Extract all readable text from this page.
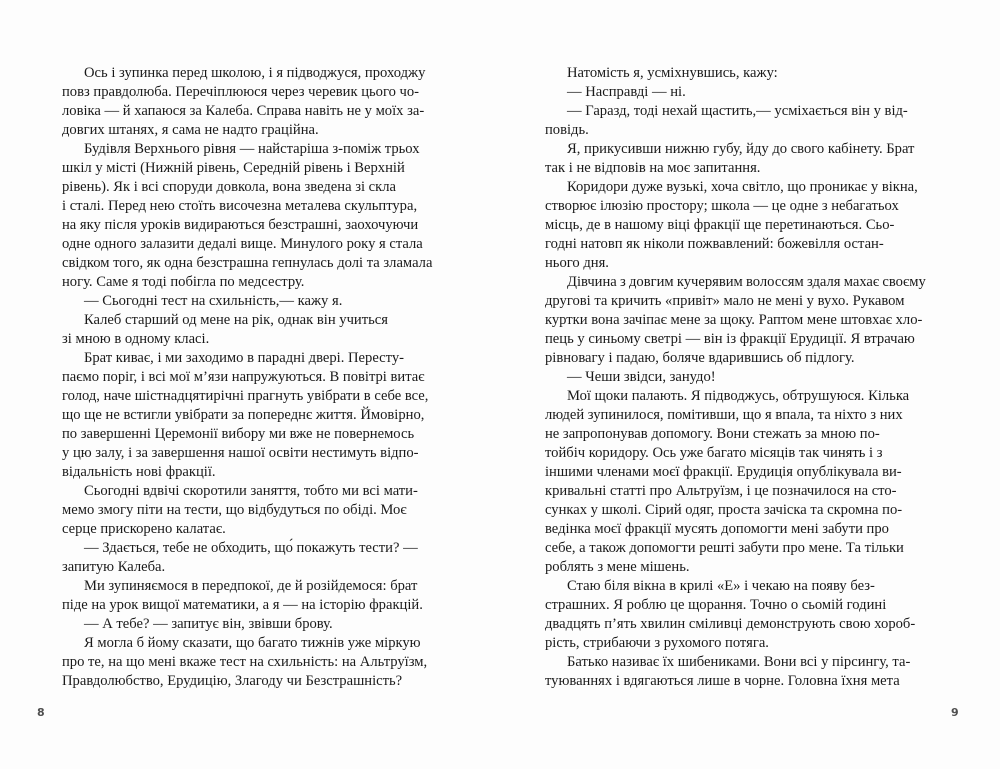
Ось і зупинка перед школою, і я підводжуся, проходжу
повз правдолюба. Перечіплююся через черевик цього чо-
ловіка — й хапаюся за Калеба. Справа навіть не у моїх за-
довгих штанях, я сама не надто граційна.
Будівля Верхнього рівня — найстаріша з-поміж трьох
шкіл у місті (Нижній рівень, Середній рівень і Верхній
рівень). Як і всі споруди довкола, вона зведена зі скла
і сталі. Перед нею стоїть височезна металева скульптура,
на яку після уроків видираються безстрашні, заохочуючи
одне одного залазити дедалі вище. Минулого року я стала
свідком того, як одна безстрашна гепнулась долі та зламала
ногу. Саме я тоді побігла по медсестру.
— Сьогодні тест на схильність,— кажу я.
Калеб старший од мене на рік, однак він учиться
зі мною в одному класі.
Брат киває, і ми заходимо в парадні двері. Пересту-
паємо поріг, і всі мої м’язи напружуються. В повітрі витає
голод, наче шістнадцятирічні прагнуть увібрати в себе все,
що ще не встигли увібрати за попереднє життя. Ймовірно,
по завершенні Церемонії вибору ми вже не повернемось
у цю залу, і за завершення нашої освіти нестимуть відпо-
відальність нові фракції.
Сьогодні вдвічі скоротили заняття, тобто ми всі мати-
мемо змогу піти на тести, що відбудуться по обіді. Моє
серце прискорено калатає.
— Здається, тебе не обходить, що́ покажуть тести? —
запитую Калеба.
Ми зупиняємося в передпокої, де й розійдемося: брат
піде на урок вищої математики, а я — на історію фракцій.
— А тебе? — запитує він, звівши брову.
Я могла б йому сказати, що багато тижнів уже міркую
про те, на що мені вкаже тест на схильність: на Альтруїзм,
Правдолюбство, Ерудицію, Злагоду чи Безстрашність?
Натомість я, усміхнувшись, кажу:
— Насправді — ні.
— Гаразд, тоді нехай щастить,— усміхається він у від-
повідь.
Я, прикусивши нижню губу, йду до свого кабінету. Брат
так і не відповів на моє запитання.
Коридори дуже вузькі, хоча світло, що проникає у вікна,
створює ілюзію простору; школа — це одне з небагатьох
місць, де в нашому віці фракції ще перетинаються. Сьо-
годні натовп як ніколи пожвавлений: божевілля остан-
нього дня.
Дівчина з довгим кучерявим волоссям здаля махає своєму
другові та кричить «привіт» мало не мені у вухо. Рукавом
куртки вона зачіпає мене за щоку. Раптом мене штовхає хло-
пець у синьому светрі — він із фракції Ерудиції. Я втрачаю
рівновагу і падаю, боляче вдарившись об підлогу.
— Чеши звідси, занудо!
Мої щоки палають. Я підводжусь, обтрушуюся. Кілька
людей зупинилося, помітивши, що я впала, та ніхто з них
не запропонував допомогу. Вони стежать за мною по-
тойбіч коридору. Ось уже багато місяців так чинять і з
іншими членами моєї фракції. Ерудиція опублікувала ви-
кривальні статті про Альтруїзм, і це позначилося на сто-
сунках у школі. Сірий одяг, проста зачіска та скромна по-
ведінка моєї фракції мусять допомогти мені забути про
себе, а також допомогти решті забути про мене. Та тільки
роблять з мене мішень.
Стаю біля вікна в крилі «Е» і чекаю на появу без-
страшних. Я роблю це щорання. Точно о сьомій годині
двадцять п’ять хвилин сміливці демонструють свою хороб-
рість, стрибаючи з рухомого потяга.
Батько називає їх шибениками. Вони всі у пірсингу, та-
туюваннях і вдягаються лише в чорне. Головна їхня мета
8	9
